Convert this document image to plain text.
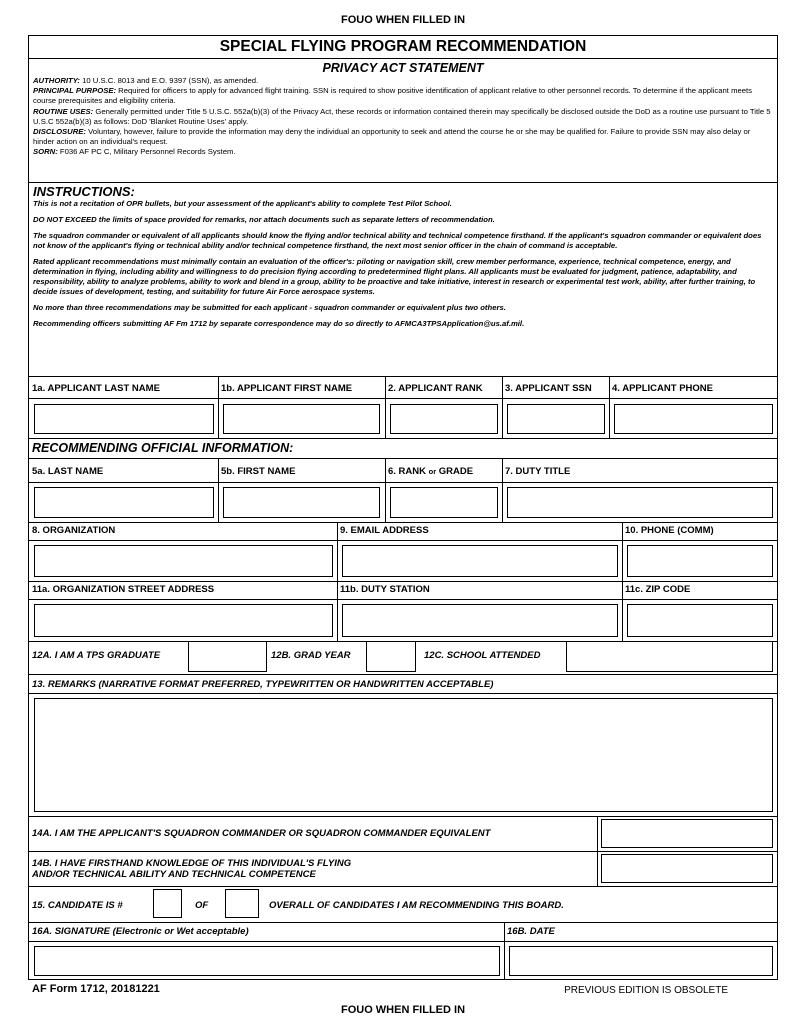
FOUO WHEN FILLED IN
SPECIAL FLYING PROGRAM RECOMMENDATION
PRIVACY ACT STATEMENT

AUTHORITY: 10 U.S.C. 8013 and E.O. 9397 (SSN), as amended.

PRINCIPAL PURPOSE: Required for officers to apply for advanced flight training. SSN is required to show positive identification of applicant relative to other personnel records. To determine if the applicant meets course prerequisites and eligibility criteria.

ROUTINE USES: Generally permitted under Title 5 U.S.C. 552a(b)(3) of the Privacy Act, these records or information contained therein may specifically be disclosed outside the DoD as a routine use pursuant to Title 5 U.S.C 552a(b)(3) as follows: DoD 'Blanket Routine Uses' apply.

DISCLOSURE: Voluntary, however, failure to provide the information may deny the individual an opportunity to seek and attend the course he or she may be qualified for. Failure to provide SSN may also delay or hinder action on an individual's request.

SORN: F036 AF PC C, Military Personnel Records System.

INSTRUCTIONS:

This is not a recitation of OPR bullets, but your assessment of the applicant's ability to complete Test Pilot School.

DO NOT EXCEED the limits of space provided for remarks, nor attach documents such as separate letters of recommendation.

The squadron commander or equivalent of all applicants should know the flying and/or technical ability and technical competence firsthand. If the applicant's squadron commander or equivalent does not know of the applicant's flying or technical ability and/or technical competence firsthand, the next most senior officer in the chain of command is acceptable.

Rated applicant recommendations must minimally contain an evaluation of the officer's: piloting or navigation skill, crew member performance, experience, technical competence, energy, and determination in flying, including ability and willingness to do precision flying according to predetermined flight plans. All applicants must be evaluated for judgment, patience, adaptability, and responsibility, ability to analyze problems, ability to work and blend in a group, ability to be proactive and take initiative, interest in research or experimental test work, ability, after further training, to decide issues of development, testing, and suitability for future Air Force aerospace systems.

No more than three recommendations may be submitted for each applicant - squadron commander or equivalent plus two others.

Recommending officers submitting AF Fm 1712 by separate correspondence may do so directly to AFMCA3TPSApplication@us.af.mil.

1a. APPLICANT LAST NAME	1b. APPLICANT FIRST NAME	2. APPLICANT RANK 3. APPLICANT SSN 4. APPLICANT PHONE
RECOMMENDING OFFICIAL INFORMATION:
5a. LAST NAME	5b. FIRST NAME	6. RANK or GRADE	7. DUTY TITLE
8. ORGANIZATION	9. EMAIL ADDRESS	10. PHONE (COMM)
11a. ORGANIZATION STREET ADDRESS	11b. DUTY STATION	11c. ZIP CODE
12A. I AM A TPS GRADUATE	12B. GRAD YEAR	12C. SCHOOL ATTENDED
13. REMARKS (NARRATIVE FORMAT PREFERRED, TYPEWRITTEN OR HANDWRITTEN ACCEPTABLE)
14A. I AM THE APPLICANT'S SQUADRON COMMANDER OR SQUADRON COMMANDER EQUIVALENT
14B. I HAVE FIRSTHAND KNOWLEDGE OF THIS INDIVIDUAL'S FLYING
AND/OR TECHNICAL ABILITY AND TECHNICAL COMPETENCE
15. CANDIDATE IS #	OF	OVERALL OF CANDIDATES I AM RECOMMENDING THIS BOARD.
16A. SIGNATURE (Electronic or Wet acceptable)	16B. DATE
AF Form 1712, 20181221	PREVIOUS EDITION IS OBSOLETE
FOUO WHEN FILLED IN
